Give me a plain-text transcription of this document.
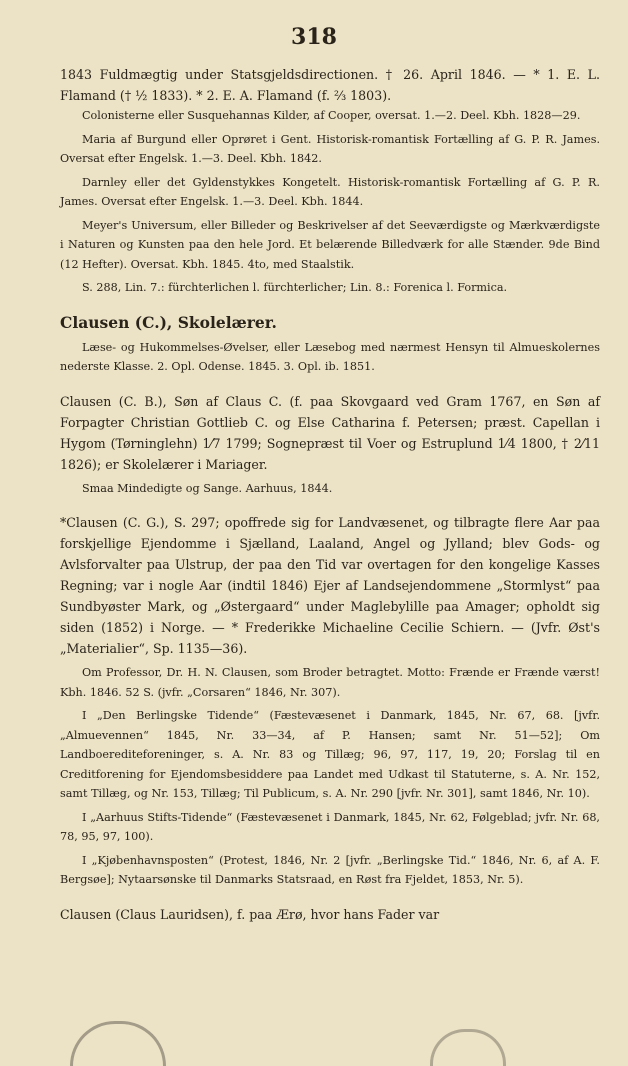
318

1843 Fuldmægtig under Statsgjeldsdirectionen. † 26. April 1846. — * 1. E. L. Flamand († ½ 1833). * 2. E. A. Flamand (f. ⅔ 1803).

Colonisterne eller Susquehannas Kilder, af Cooper, oversat. 1.—2. Deel. Kbh. 1828—29.

Maria af Burgund eller Oprøret i Gent. Historisk-romantisk Fortælling af G. P. R. James. Oversat efter Engelsk. 1.—3. Deel. Kbh. 1842.

Darnley eller det Gyldenstykkes Kongetelt. Historisk-romantisk Fortælling af G. P. R. James. Oversat efter Engelsk. 1.—3. Deel. Kbh. 1844.

Meyer's Universum, eller Billeder og Beskrivelser af det Seeværdigste og Mærkværdigste i Naturen og Kunsten paa den hele Jord. Et belærende Billedværk for alle Stænder. 9de Bind (12 Hefter). Oversat. Kbh. 1845. 4to, med Staalstik.

S. 288, Lin. 7.: fürchterlichen l. fürchterlicher; Lin. 8.: Forenica l. Formica.

Clausen (C.), Skolelærer.

Læse- og Hukommelses-Øvelser, eller Læsebog med nærmest Hensyn til Almueskolernes nederste Klasse. 2. Opl. Odense. 1845. 3. Opl. ib. 1851.

Clausen (C. B.), Søn af Claus C. (f. paa Skovgaard ved Gram 1767, en Søn af Forpagter Christian Gottlieb C. og Else Catharina f. Petersen; præst. Capellan i Hygom (Tørninglehn) 1⁄7 1799; Sognepræst til Voer og Estruplund 1⁄4 1800, † 2⁄11 1826); er Skolelærer i Mariager.

Smaa Mindedigte og Sange. Aarhuus, 1844.

*Clausen (C. G.), S. 297; opoffrede sig for Landvæsenet, og tilbragte flere Aar paa forskjellige Ejendomme i Sjælland, Laaland, Angel og Jylland; blev Gods- og Avlsforvalter paa Ulstrup, der paa den Tid var overtagen for den kongelige Kasses Regning; var i nogle Aar (indtil 1846) Ejer af Landsejendommene „Stormlyst“ paa Sundbyøster Mark, og „Østergaard“ under Maglebylille paa Amager; opholdt sig siden (1852) i Norge. — * Frederikke Michaeline Cecilie Schiern. — (Jvfr. Øst's „Materialier“, Sp. 1135—36).

Om Professor, Dr. H. N. Clausen, som Broder betragtet. Motto: Frænde er Frænde værst! Kbh. 1846. 52 S. (jvfr. „Corsaren“ 1846, Nr. 307).

I „Den Berlingske Tidende“ (Fæstevæsenet i Danmark, 1845, Nr. 67, 68. [jvfr. „Almuevennen“ 1845, Nr. 33—34, af P. Hansen; samt Nr. 51—52]; Om Landboerediteforeninger, s. A. Nr. 83 og Tillæg; 96, 97, 117, 19, 20; Forslag til en Creditforening for Ejendomsbesiddere paa Landet med Udkast til Statuterne, s. A. Nr. 152, samt Tillæg, og Nr. 153, Tillæg; Til Publicum, s. A. Nr. 290 [jvfr. Nr. 301], samt 1846, Nr. 10).

I „Aarhuus Stifts-Tidende“ (Fæstevæsenet i Danmark, 1845, Nr. 62, Følgeblad; jvfr. Nr. 68, 78, 95, 97, 100).

I „Kjøbenhavnsposten“ (Protest, 1846, Nr. 2 [jvfr. „Berlingske Tid.“ 1846, Nr. 6, af A. F. Bergsøe]; Nytaarsønske til Danmarks Statsraad, en Røst fra Fjeldet, 1853, Nr. 5).

Clausen (Claus Lauridsen), f. paa Ærø, hvor hans Fader var
